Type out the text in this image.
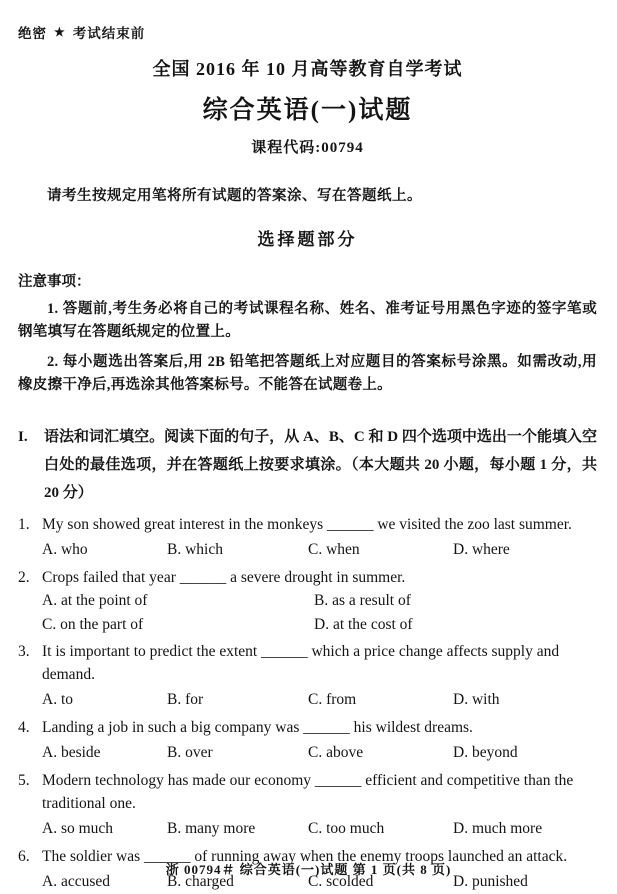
绝密 ★ 考试结束前
全国 2016 年 10 月高等教育自学考试
综合英语(一)试题
课程代码:00794
请考生按规定用笔将所有试题的答案涂、写在答题纸上。
选择题部分
注意事项：
1. 答题前,考生务必将自己的考试课程名称、姓名、准考证号用黑色字迹的签字笔或钢笔填写在答题纸规定的位置上。
2. 每小题选出答案后,用 2B 铅笔把答题纸上对应题目的答案标号涂黑。如需改动,用橡皮擦干净后,再选涂其他答案标号。不能答在试题卷上。
I.	语法和词汇填空。阅读下面的句子，从 A、B、C 和 D 四个选项中选出一个能填入空白处的最佳选项，并在答题纸上按要求填涂。（本大题共 20 小题，每小题 1 分，共 20 分）
1. My son showed great interest in the monkeys ______ we visited the zoo last summer.
A. who	B. which	C. when	D. where
2. Crops failed that year ______ a severe drought in summer.
A. at the point of	B. as a result of
C. on the part of	D. at the cost of
3. It is important to predict the extent ______ which a price change affects supply and demand.
A. to	B. for	C. from	D. with
4. Landing a job in such a big company was ______ his wildest dreams.
A. beside	B. over	C. above	D. beyond
5. Modern technology has made our economy ______ efficient and competitive than the traditional one.
A. so much	B. many more	C. too much	D. much more
6. The soldier was ______ of running away when the enemy troops launched an attack.
A. accused	B. charged	C. scolded	D. punished
浙 00794＃ 综合英语(一)试题 第 1 页(共 8 页)
